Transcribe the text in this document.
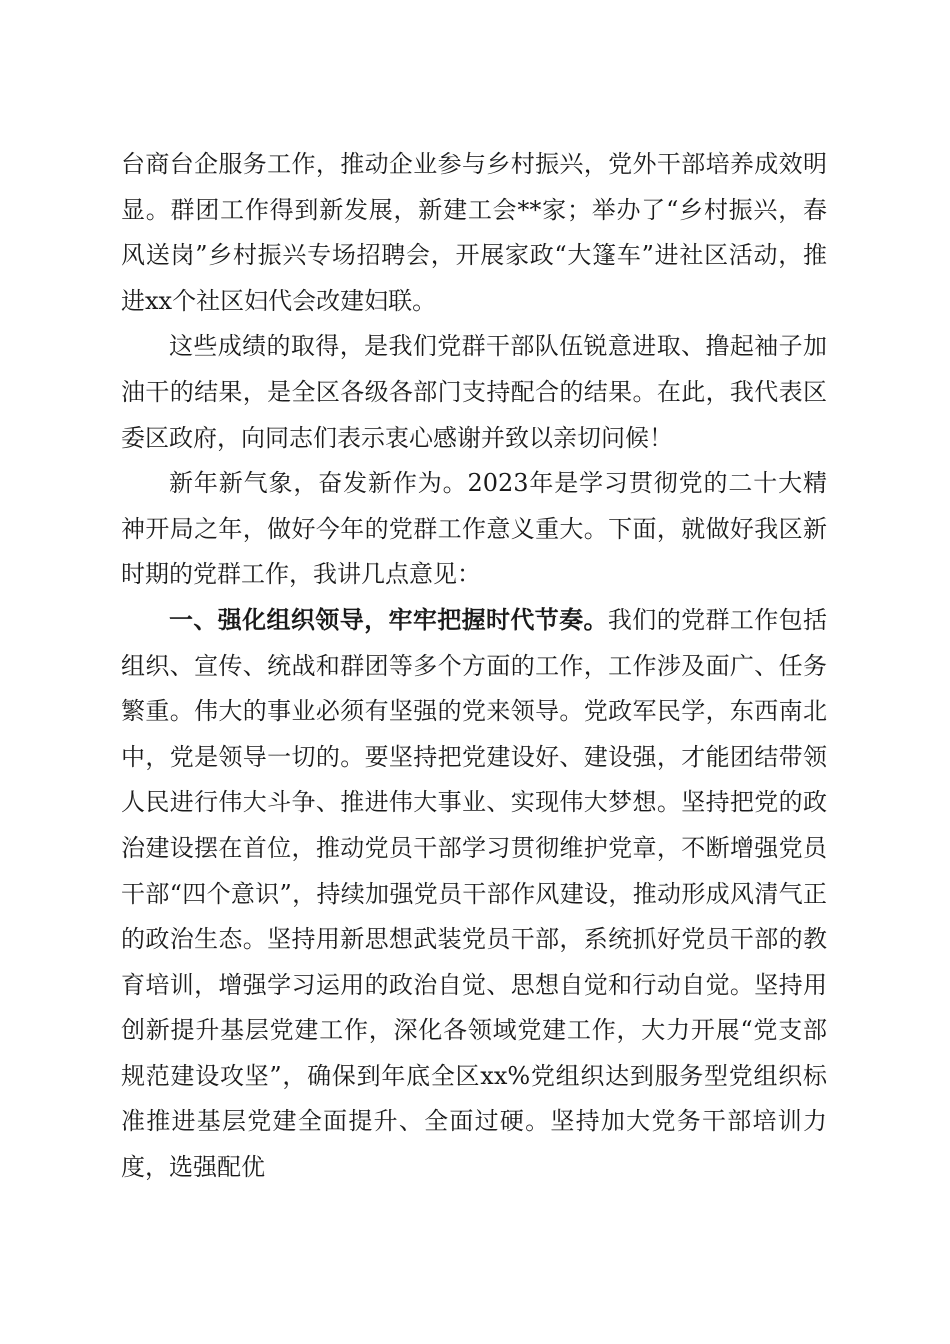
台商台企服务工作，推动企业参与乡村振兴，党外干部培养成效明显。群团工作得到新发展，新建工会**家；举办了“乡村振兴，春风送岗”乡村振兴专场招聘会，开展家政“大篷车”进社区活动，推进xx个社区妇代会改建妇联。

这些成绩的取得，是我们党群干部队伍锐意进取、撸起袖子加油干的结果，是全区各级各部门支持配合的结果。在此，我代表区委区政府，向同志们表示衷心感谢并致以亲切问候！

新年新气象，奋发新作为。2023年是学习贯彻党的二十大精神开局之年，做好今年的党群工作意义重大。下面，就做好我区新时期的党群工作，我讲几点意见：

一、强化组织领导，牢牢把握时代节奏。我们的党群工作包括组织、宣传、统战和群团等多个方面的工作，工作涉及面广、任务繁重。伟大的事业必须有坚强的党来领导。党政军民学，东西南北中，党是领导一切的。要坚持把党建设好、建设强，才能团结带领人民进行伟大斗争、推进伟大事业、实现伟大梦想。坚持把党的政治建设摆在首位，推动党员干部学习贯彻维护党章，不断增强党员干部“四个意识”，持续加强党员干部作风建设，推动形成风清气正的政治生态。坚持用新思想武装党员干部，系统抓好党员干部的教育培训，增强学习运用的政治自觉、思想自觉和行动自觉。坚持用创新提升基层党建工作，深化各领域党建工作，大力开展“党支部规范建设攻坚”，确保到年底全区xx%党组织达到服务型党组织标准推进基层党建全面提升、全面过硬。坚持加大党务干部培训力度，选强配优
